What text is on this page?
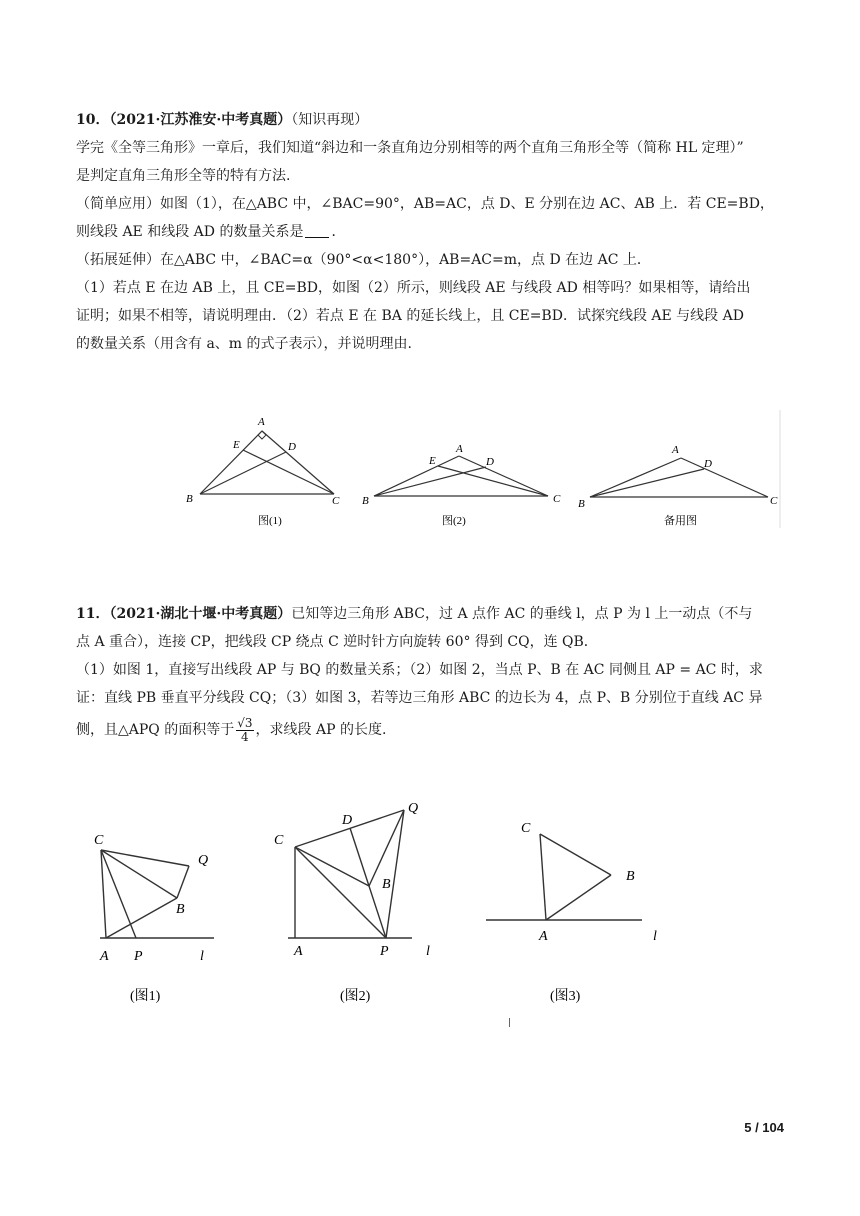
10．（2021·江苏淮安·中考真题）（知识再现）

学完《全等三角形》一章后，我们知道“斜边和一条直角边分别相等的两个直角三角形全等（简称 HL 定理）”

是判定直角三角形全等的特有方法.

（简单应用）如图（1），在△ABC 中，∠BAC=90°，AB=AC，点 D、E 分别在边 AC、AB 上．若 CE=BD，

则线段 AE 和线段 AD 的数量关系是 ．

（拓展延伸）在△ABC 中，∠BAC=α（90°<α<180°），AB=AC=m，点 D 在边 AC 上．

（1）若点 E 在边 AB 上，且 CE=BD，如图（2）所示，则线段 AE 与线段 AD 相等吗？如果相等，请给出

证明；如果不相等，请说明理由．（2）若点 E 在 BA 的延长线上，且 CE=BD．试探究线段 AE 与线段 AD

的数量关系（用含有 a、m 的式子表示），并说明理由.

A
E	D
B	C
图(1)
A
E	D
B	C
图(2)
A
D
B	C
备用图

11．（2021·湖北十堰·中考真题）已知等边三角形 ABC，过 A 点作 AC 的垂线 l，点 P 为 l 上一动点（不与

点 A 重合），连接 CP，把线段 CP 绕点 C 逆时针方向旋转 60° 得到 CQ，连 QB．

（1）如图 1，直接写出线段 AP 与 BQ 的数量关系；（2）如图 2，当点 P、B 在 AC 同侧且 AP = AC 时，求

证：直线 PB 垂直平分线段 CQ；（3）如图 3，若等边三角形 ABC 的边长为 4，点 P、B 分别位于直线 AC 异

侧，且△APQ 的面积等于 $\frac{√3}{4}$ ，求线段 AP 的长度.

C
Q
B
A P	l
(图1)
C
D
Q
B
A	P	l
(图2)
C
B
A	l
(图3)
5 / 104
